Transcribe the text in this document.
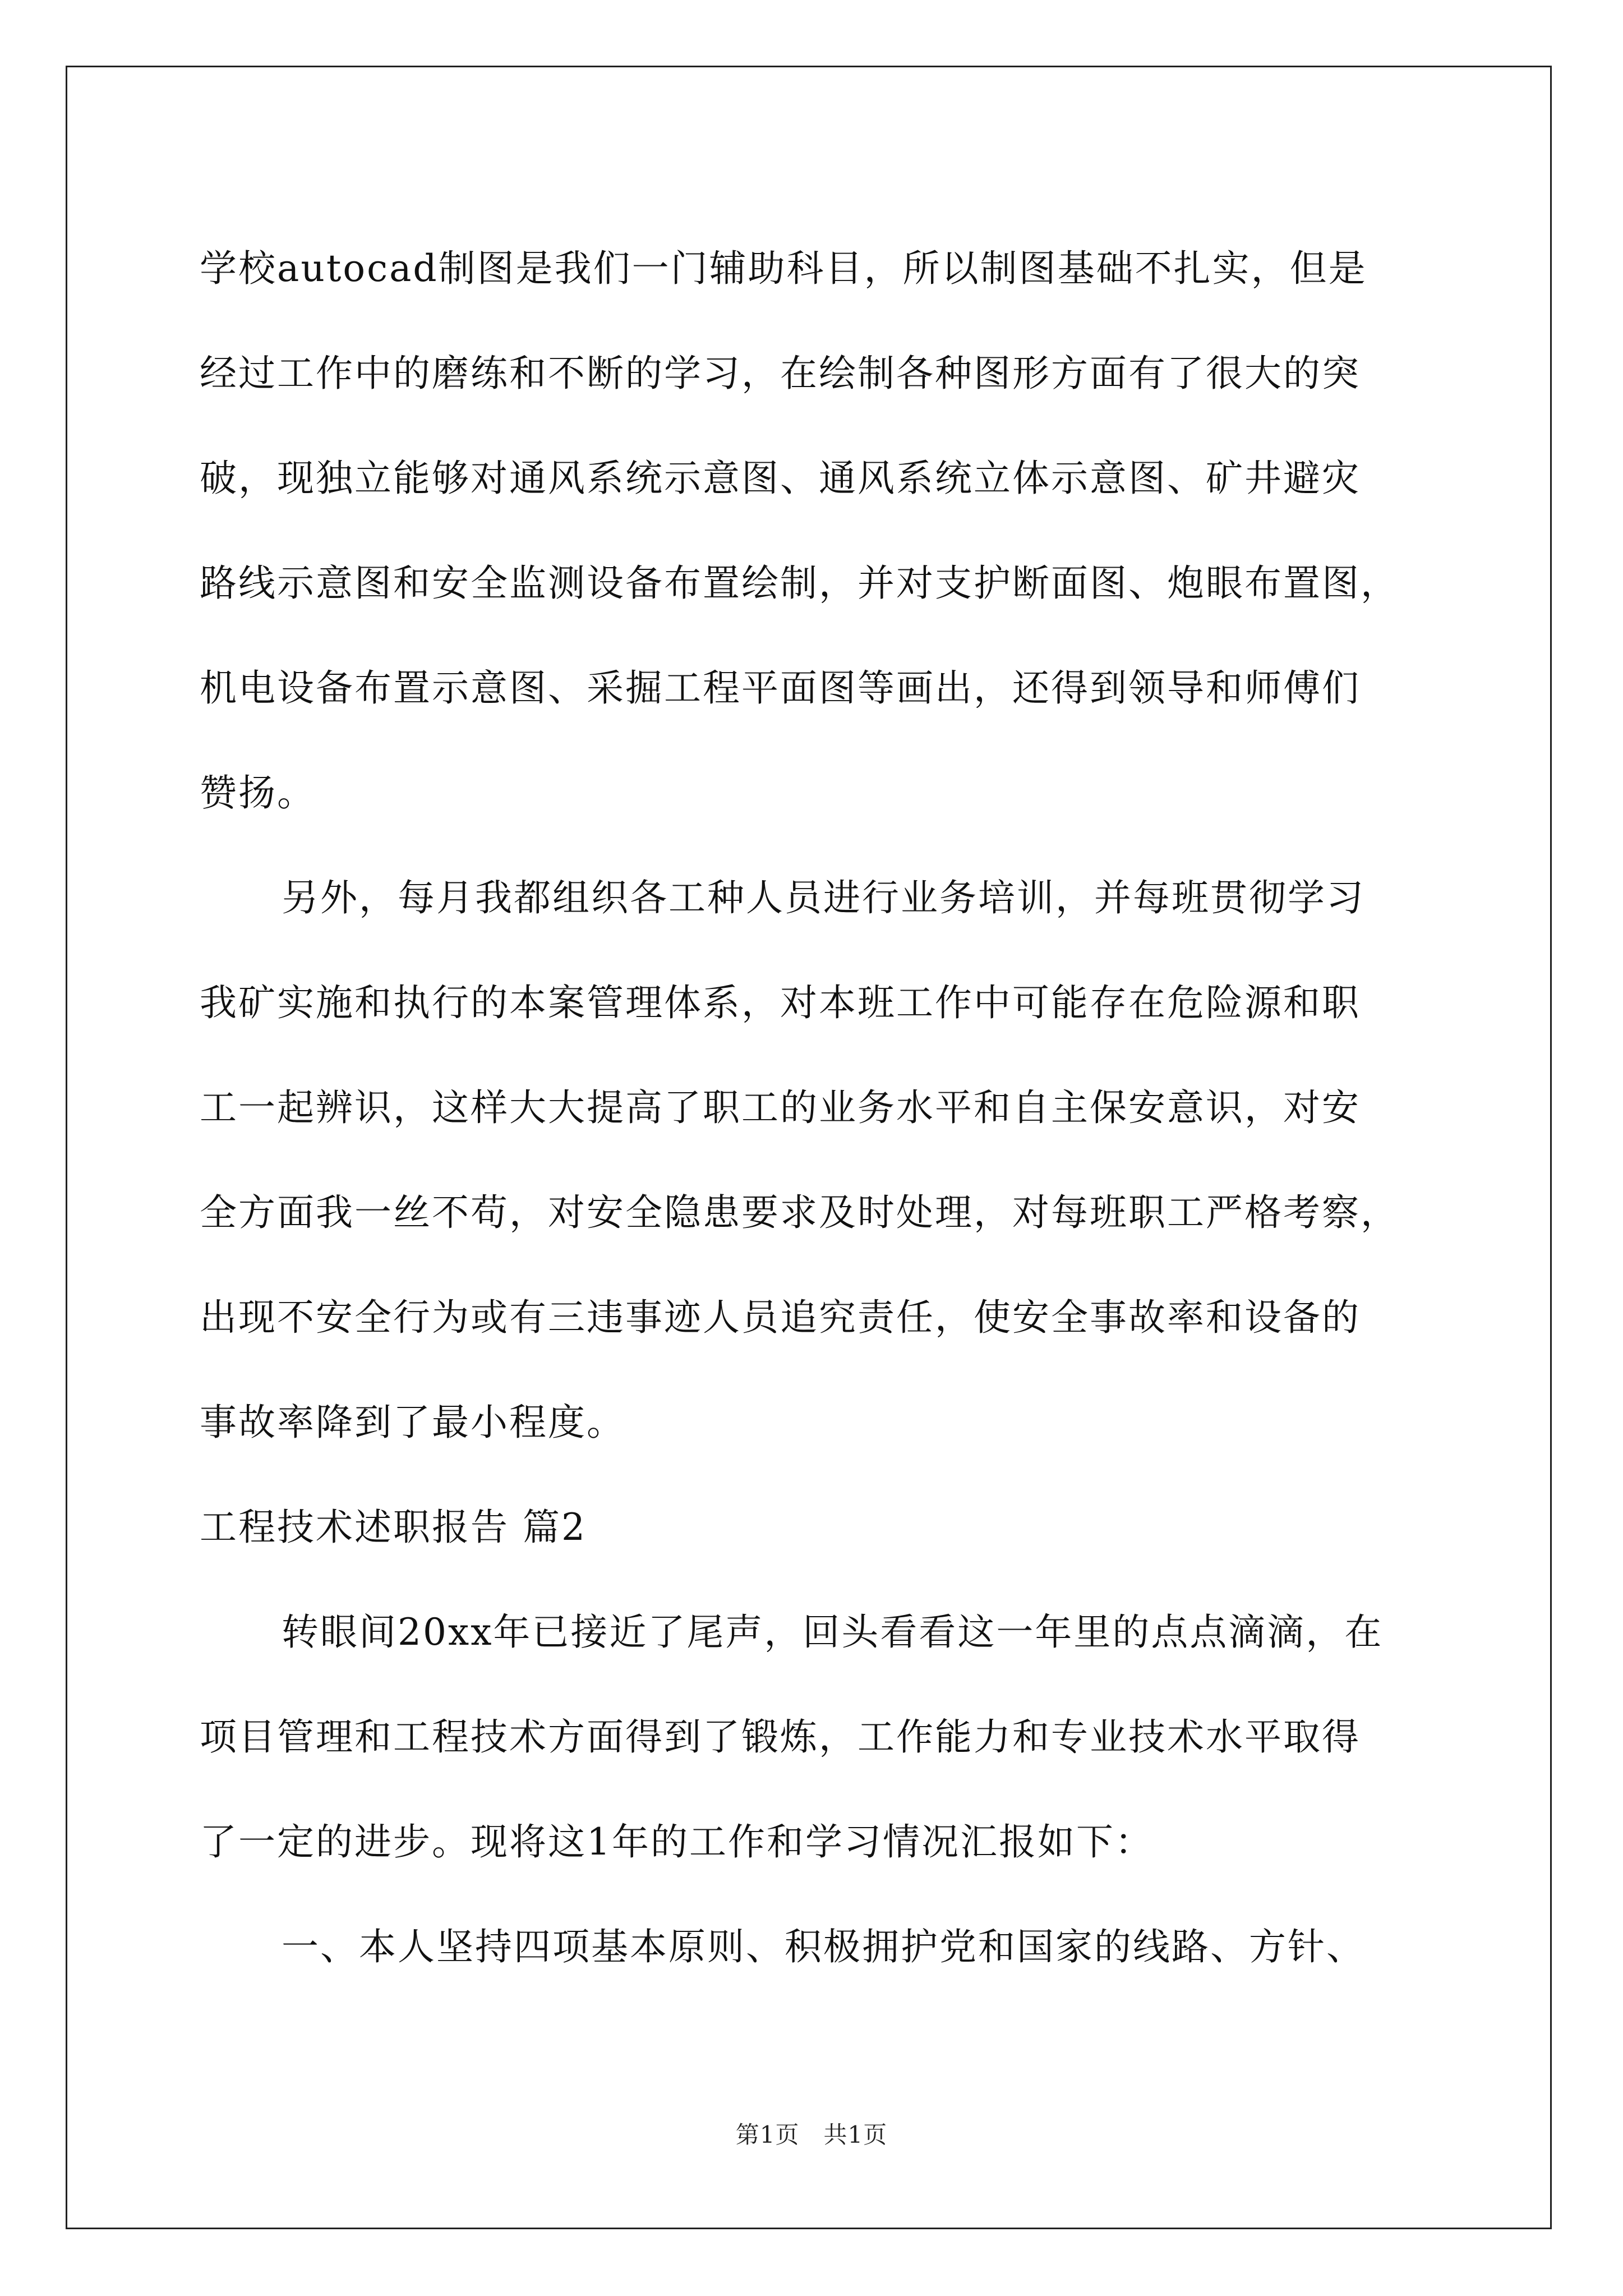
学校autocad制图是我们一门辅助科目，所以制图基础不扎实，但是
经过工作中的磨练和不断的学习，在绘制各种图形方面有了很大的突
破，现独立能够对通风系统示意图、通风系统立体示意图、矿井避灾
路线示意图和安全监测设备布置绘制，并对支护断面图、炮眼布置图，
机电设备布置示意图、采掘工程平面图等画出，还得到领导和师傅们
赞扬。
另外，每月我都组织各工种人员进行业务培训，并每班贯彻学习
我矿实施和执行的本案管理体系，对本班工作中可能存在危险源和职
工一起辨识，这样大大提高了职工的业务水平和自主保安意识，对安
全方面我一丝不苟，对安全隐患要求及时处理，对每班职工严格考察，
出现不安全行为或有三违事迹人员追究责任，使安全事故率和设备的
事故率降到了最小程度。
工程技术述职报告 篇2
转眼间20xx年已接近了尾声，回头看看这一年里的点点滴滴，在
项目管理和工程技术方面得到了锻炼，工作能力和专业技术水平取得
了一定的进步。现将这1年的工作和学习情况汇报如下：
一、本人坚持四项基本原则、积极拥护党和国家的线路、方针、
第1页　共1页
